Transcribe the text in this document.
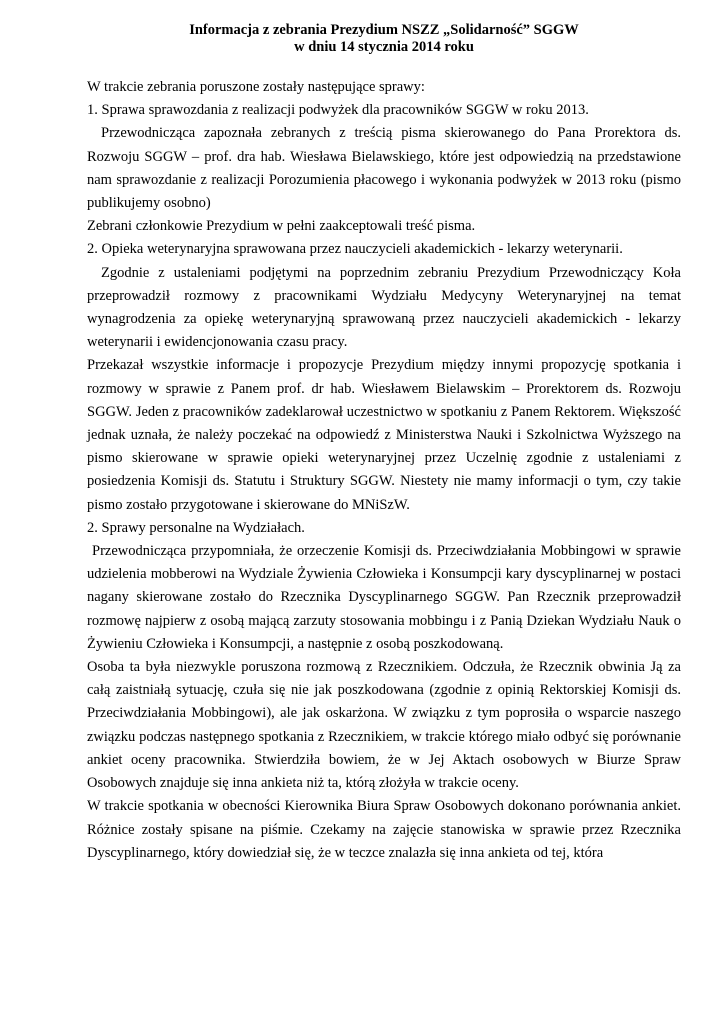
Informacja z zebrania Prezydium NSZZ „Solidarność” SGGW
w dniu 14 stycznia 2014 roku

W trakcie zebrania poruszone zostały następujące sprawy:

1. Sprawa sprawozdania z realizacji podwyżek dla pracowników SGGW w roku 2013.

Przewodnicząca zapoznała zebranych z treścią pisma skierowanego do Pana Prorektora ds. Rozwoju SGGW – prof. dra hab. Wiesława Bielawskiego, które jest odpowiedzią na przedstawione nam sprawozdanie z realizacji Porozumienia płacowego i wykonania podwyżek w 2013 roku (pismo publikujemy osobno)

Zebrani członkowie Prezydium w pełni zaakceptowali treść pisma.

2. Opieka weterynaryjna sprawowana przez nauczycieli akademickich - lekarzy weterynarii.

Zgodnie z ustaleniami podjętymi na poprzednim zebraniu Prezydium Przewodniczący Koła przeprowadził rozmowy z pracownikami Wydziału Medycyny Weterynaryjnej na temat wynagrodzenia za opiekę weterynaryjną sprawowaną przez nauczycieli akademickich - lekarzy weterynarii i ewidencjonowania czasu pracy.

Przekazał wszystkie informacje i propozycje Prezydium między innymi propozycję spotkania i rozmowy w sprawie z Panem prof. dr hab. Wiesławem Bielawskim – Prorektorem ds. Rozwoju SGGW. Jeden z pracowników zadeklarował uczestnictwo w spotkaniu z Panem Rektorem. Większość jednak uznała, że należy poczekać na odpowiedź z Ministerstwa Nauki i Szkolnictwa Wyższego na pismo skierowane w sprawie opieki weterynaryjnej przez Uczelnię zgodnie z ustaleniami z posiedzenia Komisji ds. Statutu i Struktury SGGW. Niestety nie mamy informacji o tym, czy takie pismo zostało przygotowane i skierowane do MNiSzW.

2. Sprawy personalne na Wydziałach.

Przewodnicząca przypomniała, że orzeczenie Komisji ds. Przeciwdziałania Mobbingowi w sprawie udzielenia mobberowi na Wydziale Żywienia Człowieka i Konsumpcji kary dyscyplinarnej w postaci nagany skierowane zostało do Rzecznika Dyscyplinarnego SGGW. Pan Rzecznik przeprowadził rozmowę najpierw z osobą mającą zarzuty stosowania mobbingu i z Panią Dziekan Wydziału Nauk o Żywieniu Człowieka i Konsumpcji, a następnie z osobą poszkodowaną.

Osoba ta była niezwykle poruszona rozmową z Rzecznikiem. Odczuła, że Rzecznik obwinia Ją za całą zaistniałą sytuację, czuła się nie jak poszkodowana (zgodnie z opinią Rektorskiej Komisji ds. Przeciwdziałania Mobbingowi), ale jak oskarżona. W związku z tym poprosiła o wsparcie naszego związku podczas następnego spotkania z Rzecznikiem, w trakcie którego miało odbyć się porównanie ankiet oceny pracownika. Stwierdziła bowiem, że w Jej Aktach osobowych w Biurze Spraw Osobowych znajduje się inna ankieta niż ta, którą złożyła w trakcie oceny.

W trakcie spotkania w obecności Kierownika Biura Spraw Osobowych dokonano porównania ankiet. Różnice zostały spisane na piśmie. Czekamy na zajęcie stanowiska w sprawie przez Rzecznika Dyscyplinarnego, który dowiedział się, że w teczce znalazła się inna ankieta od tej, która
